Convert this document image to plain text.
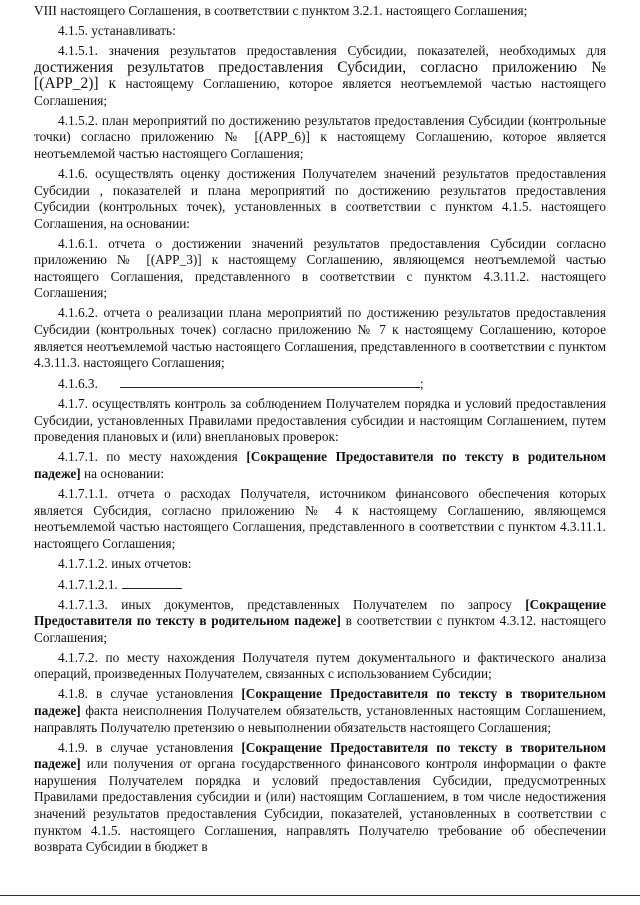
VIII настоящего Соглашения, в соответствии с пунктом 3.2.1. настоящего Соглашения;

4.1.5. устанавливать:

4.1.5.1. значения результатов предоставления Субсидии, показателей, необходимых для достижения результатов предоставления Субсидии, согласно приложению № [(APP_2)] к настоящему Соглашению, которое является неотъемлемой частью настоящего Соглашения;

4.1.5.2. план мероприятий по достижению результатов предоставления Субсидии (контрольные точки) согласно приложению № [(APP_6)] к настоящему Соглашению, которое является неотъемлемой частью настоящего Соглашения;

4.1.6. осуществлять оценку достижения Получателем значений результатов предоставления Субсидии , показателей и плана мероприятий по достижению результатов предоставления Субсидии (контрольных точек), установленных в соответствии с пунктом 4.1.5. настоящего Соглашения, на основании:

4.1.6.1. отчета о достижении значений результатов предоставления Субсидии согласно приложению № [(APP_3)] к настоящему Соглашению, являющемся неотъемлемой частью настоящего Соглашения, представленного в соответствии с пунктом 4.3.11.2. настоящего Соглашения;

4.1.6.2. отчета о реализации плана мероприятий по достижению результатов предоставления Субсидии (контрольных точек) согласно приложению № 7 к настоящему Соглашению, которое является неотъемлемой частью настоящего Соглашения, представленного в соответствии с пунктом 4.3.11.3. настоящего Соглашения;

4.1.6.3.	;

4.1.7. осуществлять контроль за соблюдением Получателем порядка и условий предоставления Субсидии, установленных Правилами предоставления субсидии и настоящим Соглашением, путем проведения плановых и (или) внеплановых проверок:

4.1.7.1. по месту нахождения [Сокращение Предоставителя по тексту в родительном падеже] на основании:

4.1.7.1.1. отчета о расходах Получателя, источником финансового обеспечения которых является Субсидия, согласно приложению № 4 к настоящему Соглашению, являющемся неотъемлемой частью настоящего Соглашения, представленного в соответствии с пунктом 4.3.11.1. настоящего Соглашения;

4.1.7.1.2. иных отчетов:

4.1.7.1.2.1.

4.1.7.1.3. иных документов, представленных Получателем по запросу [Сокращение Предоставителя по тексту в родительном падеже] в соответствии с пунктом 4.3.12. настоящего Соглашения;

4.1.7.2. по месту нахождения Получателя путем документального и фактического анализа операций, произведенных Получателем, связанных с использованием Субсидии;

4.1.8. в случае установления [Сокращение Предоставителя по тексту в творительном падеже] факта неисполнения Получателем обязательств, установленных настоящим Соглашением, направлять Получателю претензию о невыполнении обязательств настоящего Соглашения;

4.1.9. в случае установления [Сокращение Предоставителя по тексту в творительном падеже] или получения от органа государственного финансового контроля информации о факте нарушения Получателем порядка и условий предоставления Субсидии, предусмотренных Правилами предоставления субсидии и (или) настоящим Соглашением, в том числе недостижения значений результатов предоставления Субсидии, показателей, установленных в соответствии с пунктом 4.1.5. настоящего Соглашения, направлять Получателю требование об обеспечении возврата Субсидии в бюджет в
